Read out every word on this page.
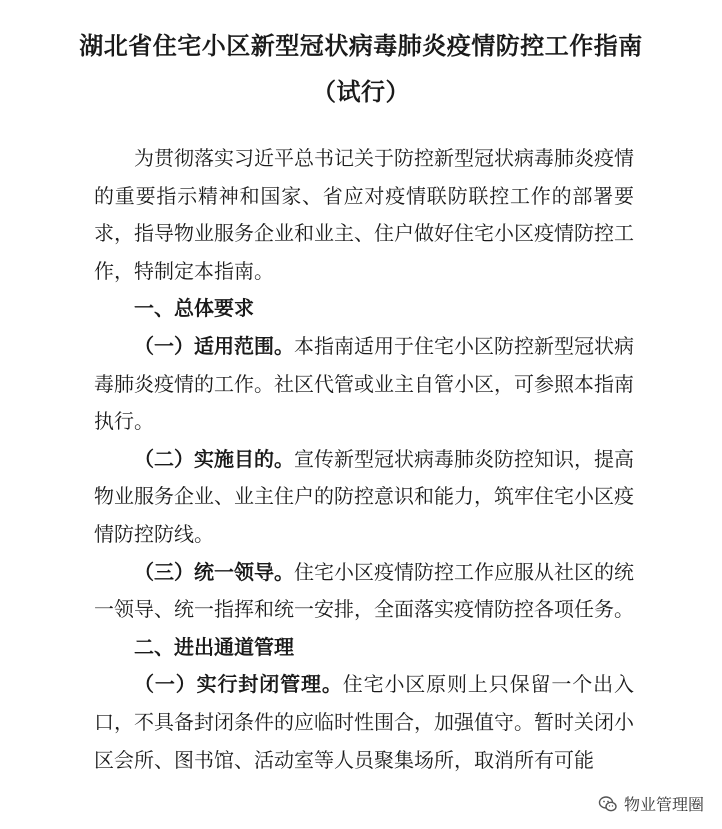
湖北省住宅小区新型冠状病毒肺炎疫情防控工作指南
（试行）

为贯彻落实习近平总书记关于防控新型冠状病毒肺炎疫情的重要指示精神和国家、省应对疫情联防联控工作的部署要求，指导物业服务企业和业主、住户做好住宅小区疫情防控工作，特制定本指南。

一、总体要求

（一）适用范围。本指南适用于住宅小区防控新型冠状病毒肺炎疫情的工作。社区代管或业主自管小区，可参照本指南执行。

（二）实施目的。宣传新型冠状病毒肺炎防控知识，提高物业服务企业、业主住户的防控意识和能力，筑牢住宅小区疫情防控防线。

（三）统一领导。住宅小区疫情防控工作应服从社区的统一领导、统一指挥和统一安排，全面落实疫情防控各项任务。

二、进出通道管理

（一）实行封闭管理。住宅小区原则上只保留一个出入口，不具备封闭条件的应临时性围合，加强值守。暂时关闭小区会所、图书馆、活动室等人员聚集场所，取消所有可能

物业管理圈
